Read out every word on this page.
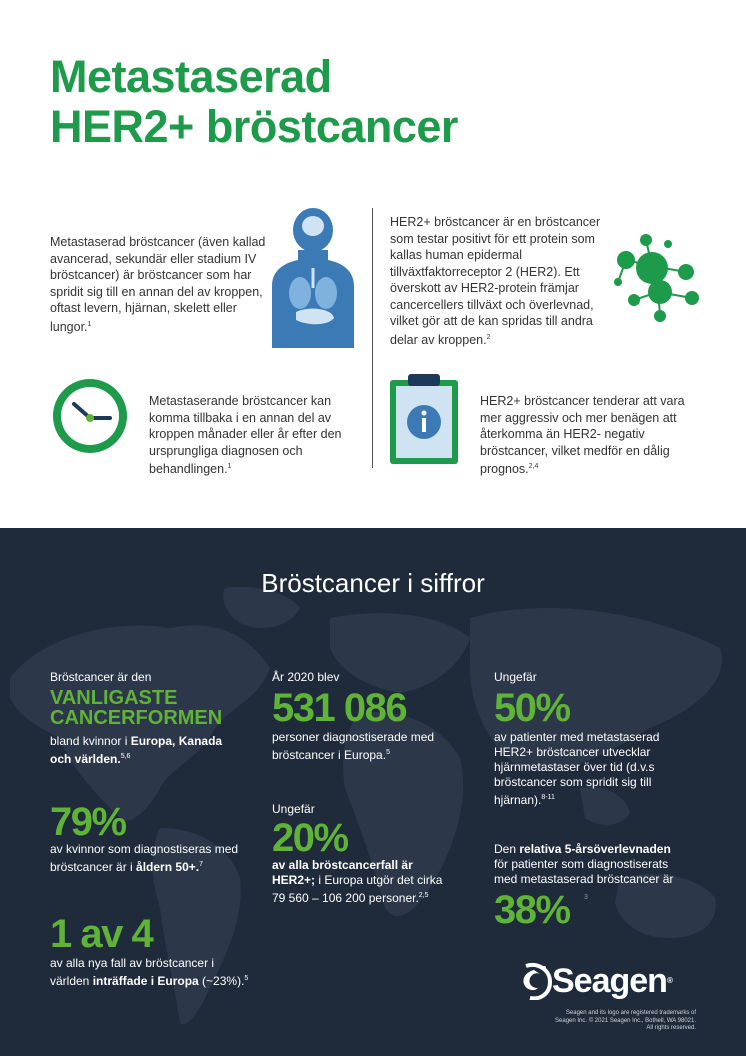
Metastaserad
HER2+ bröstcancer
Metastaserad bröstcancer (även kallad avancerad, sekundär eller stadium IV bröstcancer) är bröstcancer som har spridit sig till en annan del av kroppen, oftast levern, hjärnan, skelett eller lungor.$^1$
HER2+ bröstcancer är en bröstcancer som testar positivt för ett protein som kallas human epidermal tillväxtfaktorreceptor 2 (HER2). Ett överskott av HER2-protein främjar cancercellers tillväxt och överlevnad, vilket gör att de kan spridas till andra delar av kroppen.$^2$
Metastaserande bröstcancer kan komma tillbaka i en annan del av kroppen månader eller år efter den ursprungliga diagnosen och behandlingen.$^1$
HER2+ bröstcancer tenderar att vara mer aggressiv och mer benägen att återkomma än HER2- negativ bröstcancer, vilket medför en dålig prognos.$^{2,4}$
Bröstcancer i siffror
Bröstcancer är den
VANLIGASTE
CANCERFORMEN
bland kvinnor i Europa, Kanada och världen.$^{5,6}$
79%
av kvinnor som diagnostiseras med bröstcancer är i åldern 50+.$^7$
1 av 4
av alla nya fall av bröstcancer i världen inträffade i Europa (~23%).$^5$
År 2020 blev
531 086
personer diagnostiserade med bröstcancer i Europa.$^5$
Ungefär
20%
av alla bröstcancerfall är HER2+; i Europa utgör det cirka 79 560 – 106 200 personer.$^{2,5}$
Ungefär
50%
av patienter med metastaserad HER2+ bröstcancer utvecklar hjärnmetastaser över tid (d.v.s bröstcancer som spridit sig till hjärnan).$^{8-11}$
Den relativa 5-årsöverlevnaden för patienter som diagnostiserats med metastaserad bröstcancer är
38% 3
Seagen®
Seagen and its logo are registered trademarks of
Seagen Inc. © 2021 Seagen Inc., Bothell, WA 98021.
All rights reserved.
